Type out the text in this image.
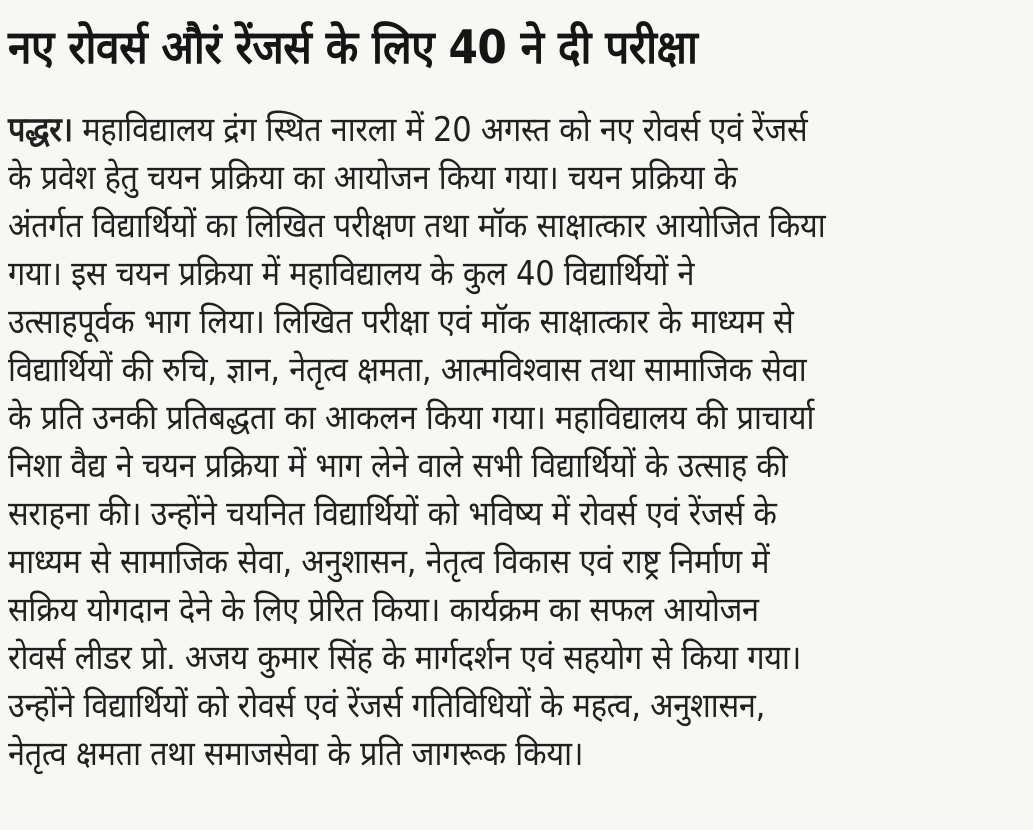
नए रोवर्स औरं रेंजर्स के लिए 40 ने दी परीक्षा
पद्धर। महाविद्यालय द्रंग स्थित नारला में 20 अगस्त को नए रोवर्स एवं रेंजर्स
के प्रवेश हेतु चयन प्रक्रिया का आयोजन किया गया। चयन प्रक्रिया के
अंतर्गत विद्यार्थियों का लिखित परीक्षण तथा मॉक साक्षात्कार आयोजित किया
गया। इस चयन प्रक्रिया में महाविद्यालय के कुल 40 विद्यार्थियों ने
उत्साहपूर्वक भाग लिया। लिखित परीक्षा एवं मॉक साक्षात्कार के माध्यम से
विद्यार्थियों की रुचि, ज्ञान, नेतृत्व क्षमता, आत्मविश्वास तथा सामाजिक सेवा
के प्रति उनकी प्रतिबद्धता का आकलन किया गया। महाविद्यालय की प्राचार्या
निशा वैद्य ने चयन प्रक्रिया में भाग लेने वाले सभी विद्यार्थियों के उत्साह की
सराहना की। उन्होंने चयनित विद्यार्थियों को भविष्य में रोवर्स एवं रेंजर्स के
माध्यम से सामाजिक सेवा, अनुशासन, नेतृत्व विकास एवं राष्ट्र निर्माण में
सक्रिय योगदान देने के लिए प्रेरित किया। कार्यक्रम का सफल आयोजन
रोवर्स लीडर प्रो. अजय कुमार सिंह के मार्गदर्शन एवं सहयोग से किया गया।
उन्होंने विद्यार्थियों को रोवर्स एवं रेंजर्स गतिविधियों के महत्व, अनुशासन,
नेतृत्व क्षमता तथा समाजसेवा के प्रति जागरूक किया।
